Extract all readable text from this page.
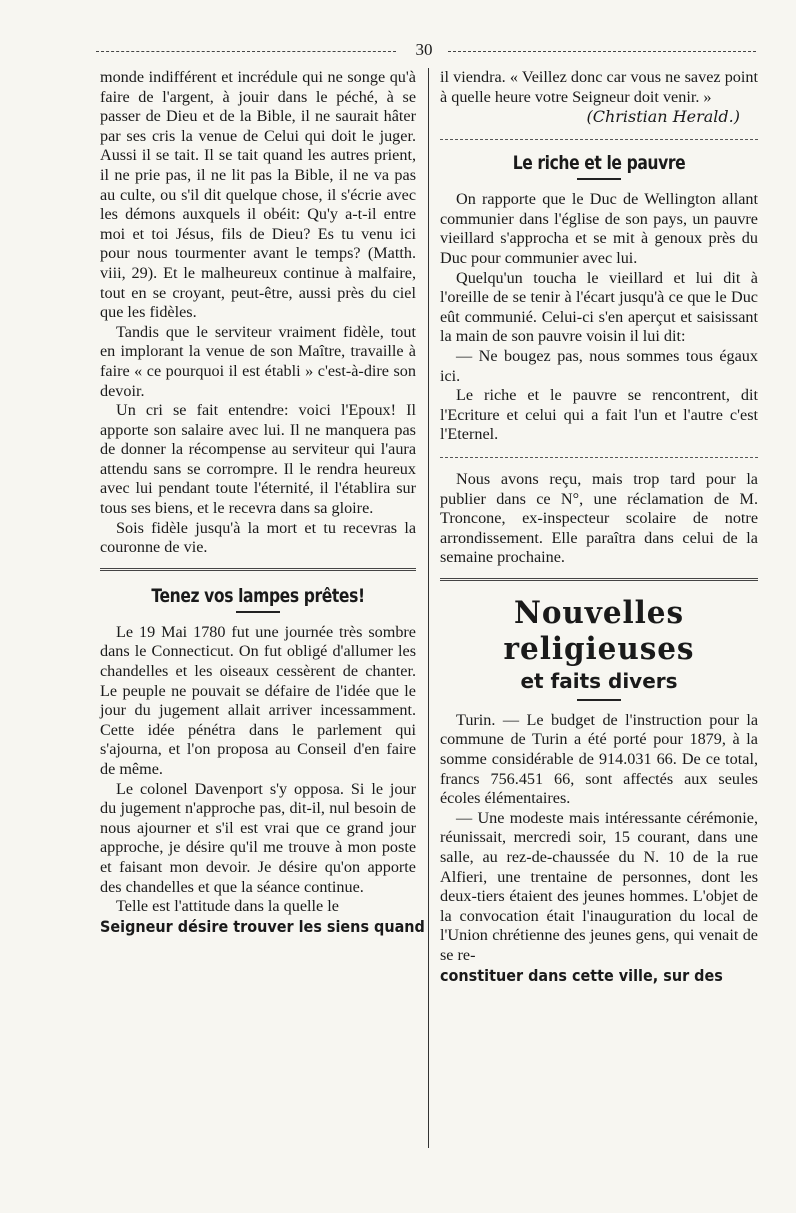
30

monde indifférent et incrédule qui ne songe qu'à faire de l'argent, à jouir dans le péché, à se passer de Dieu et de la Bible, il ne saurait hâter par ses cris la venue de Celui qui doit le juger. Aussi il se tait. Il se tait quand les autres prient, il ne prie pas, il ne lit pas la Bible, il ne va pas au culte, ou s'il dit quelque chose, il s'écrie avec les démons auxquels il obéit: Qu'y a-t-il entre moi et toi Jésus, fils de Dieu? Es tu venu ici pour nous tourmenter avant le temps? (Matth. viii, 29). Et le malheureux continue à malfaire, tout en se croyant, peut-être, aussi près du ciel que les fidèles.

Tandis que le serviteur vraiment fidèle, tout en implorant la venue de son Maître, travaille à faire « ce pourquoi il est établi » c'est-à-dire son devoir.

Un cri se fait entendre: voici l'Epoux! Il apporte son salaire avec lui. Il ne manquera pas de donner la récompense au serviteur qui l'aura attendu sans se corrompre. Il le rendra heureux avec lui pendant toute l'éternité, il l'établira sur tous ses biens, et le recevra dans sa gloire.

Sois fidèle jusqu'à la mort et tu recevras la couronne de vie.

Tenez vos lampes prêtes!

Le 19 Mai 1780 fut une journée très sombre dans le Connecticut. On fut obligé d'allumer les chandelles et les oiseaux cessèrent de chanter. Le peuple ne pouvait se défaire de l'idée que le jour du jugement allait arriver incessamment. Cette idée pénétra dans le parlement qui s'ajourna, et l'on proposa au Conseil d'en faire de même.

Le colonel Davenport s'y opposa. Si le jour du jugement n'approche pas, dit-il, nul besoin de nous ajourner et s'il est vrai que ce grand jour approche, je désire qu'il me trouve à mon poste et faisant mon devoir. Je désire qu'on apporte des chandelles et que la séance continue.

Telle est l'attitude dans la quelle le

Seigneur désire trouver les siens quand

il viendra. « Veillez donc car vous ne savez point à quelle heure votre Seigneur doit venir. »

(Christian Herald.)
Le riche et le pauvre

On rapporte que le Duc de Wellington allant communier dans l'église de son pays, un pauvre vieillard s'approcha et se mit à genoux près du Duc pour communier avec lui.

Quelqu'un toucha le vieillard et lui dit à l'oreille de se tenir à l'écart jusqu'à ce que le Duc eût communié. Celui-ci s'en aperçut et saisissant la main de son pauvre voisin il lui dit:

— Ne bougez pas, nous sommes tous égaux ici.

Le riche et le pauvre se rencontrent, dit l'Ecriture et celui qui a fait l'un et l'autre c'est l'Eternel.

Nous avons reçu, mais trop tard pour la publier dans ce N°, une réclamation de M. Troncone, ex-inspecteur scolaire de notre arrondissement. Elle paraîtra dans celui de la semaine prochaine.

Nouvelles religieuses
et faits divers

Turin. — Le budget de l'instruction pour la commune de Turin a été porté pour 1879, à la somme considérable de 914.031 66. De ce total, francs 756.451 66, sont affectés aux seules écoles élémentaires.

— Une modeste mais intéressante cérémonie, réunissait, mercredi soir, 15 courant, dans une salle, au rez-de-chaussée du N. 10 de la rue Alfieri, une trentaine de personnes, dont les deux-tiers étaient des jeunes hommes. L'objet de la convocation était l'inauguration du local de l'Union chrétienne des jeunes gens, qui venait de se re-

constituer dans cette ville, sur des
